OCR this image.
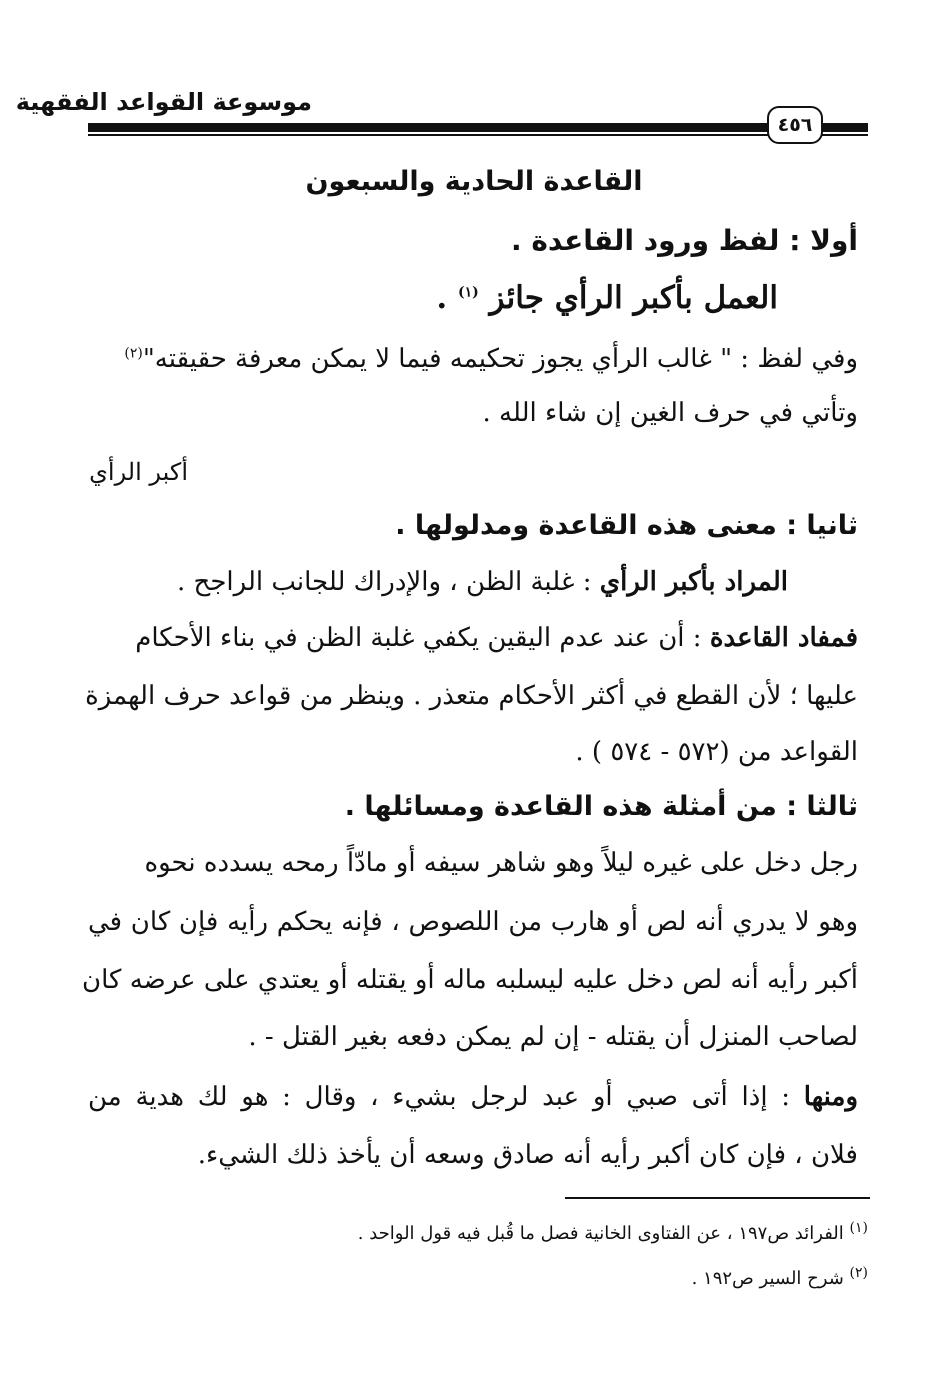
موسوعة القواعد الفقهية
٤٥٦
القاعدة الحادية والسبعون
أولا : لفظ ورود القاعدة .
العمل بأكبر الرأي جائز $^{(١)}$ .
وفي لفظ : " غالب الرأي يجوز تحكيمه فيما لا يمكن معرفة حقيقته"$^{(٢)}$
وتأتي في حرف الغين إن شاء الله .
أكبر الرأي
ثانيا : معنى هذه القاعدة ومدلولها .
المراد بأكبر الرأي : غلبة الظن ، والإدراك للجانب الراجح .
فمفاد القاعدة : أن عند عدم اليقين يكفي غلبة الظن في بناء الأحكام
عليها ؛ لأن القطع في أكثر الأحكام متعذر . وينظر من قواعد حرف الهمزة
القواعد من (٥٧٢ - ٥٧٤ ) .
ثالثا : من أمثلة هذه القاعدة ومسائلها .
رجل دخل على غيره ليلاً وهو شاهر سيفه أو مادّاً رمحه يسدده نحوه
وهو لا يدري أنه لص أو هارب من اللصوص ، فإنه يحكم رأيه فإن كان في
أكبر رأيه أنه لص دخل عليه ليسلبه ماله أو يقتله أو يعتدي على عرضه كان
لصاحب المنزل أن يقتله - إن لم يمكن دفعه بغير القتل - .
ومنها : إذا أتى صبي أو عبد لرجل بشيء ، وقال : هو لك هدية من
فلان ، فإن كان أكبر رأيه أنه صادق وسعه أن يأخذ ذلك الشيء.
$^{(١)}$ الفرائد ص١٩٧ ، عن الفتاوى الخانية فصل ما قُبل فيه قول الواحد .
$^{(٢)}$ شرح السير ص١٩٢ .
